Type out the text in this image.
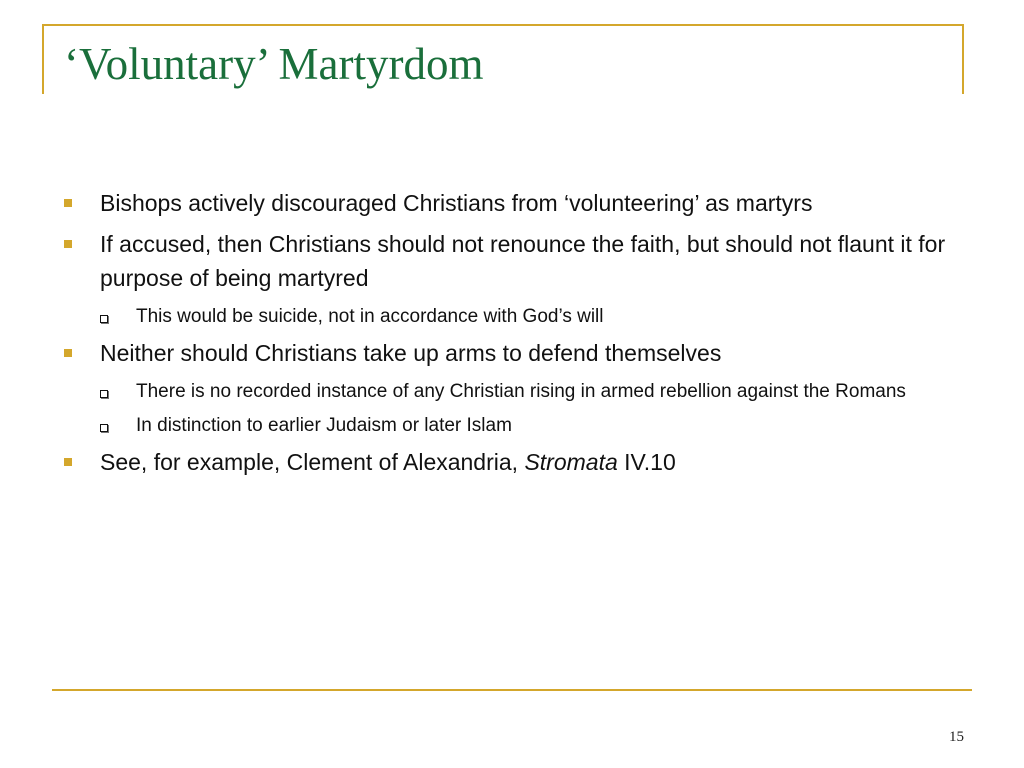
‘Voluntary’ Martyrdom
Bishops actively discouraged Christians from ‘volunteering’ as martyrs
If accused, then Christians should not renounce the faith, but should not flaunt it for purpose of being martyred
This would be suicide, not in accordance with God’s will
Neither should Christians take up arms to defend themselves
There is no recorded instance of any Christian rising in armed rebellion against the Romans
In distinction to earlier Judaism or later Islam
See, for example, Clement of Alexandria, Stromata IV.10
15
